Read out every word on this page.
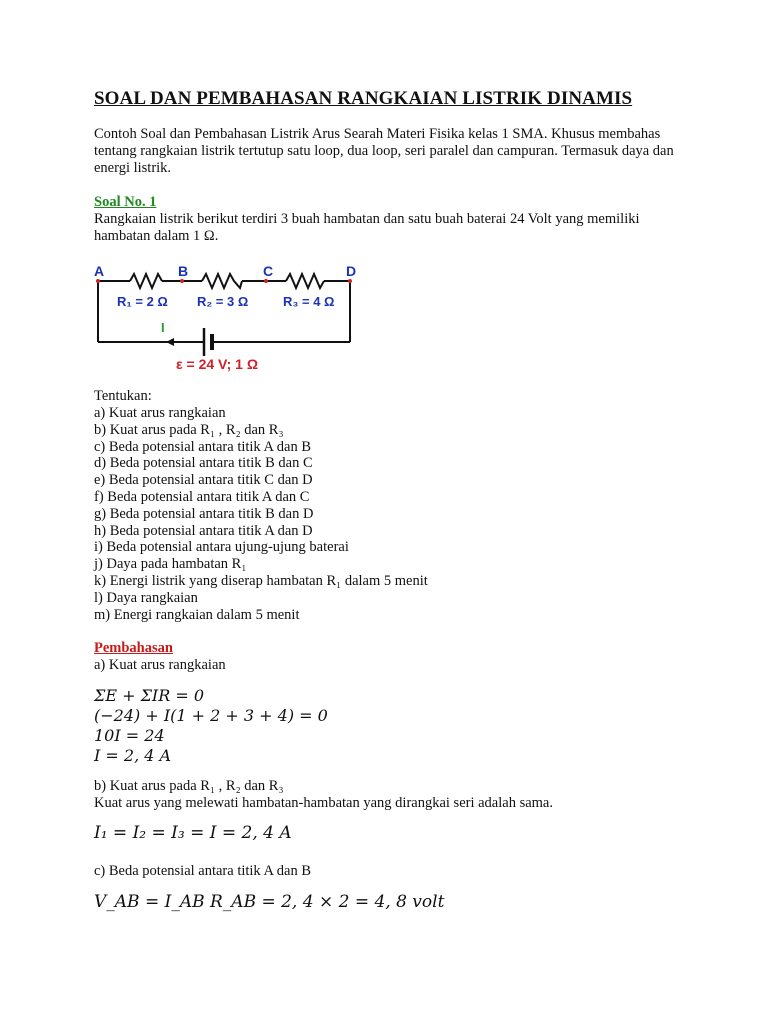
SOAL DAN PEMBAHASAN RANGKAIAN LISTRIK DINAMIS
Contoh Soal dan Pembahasan Listrik Arus Searah Materi Fisika kelas 1 SMA. Khusus membahas tentang rangkaian listrik tertutup satu loop, dua loop, seri paralel dan campuran. Termasuk daya dan energi listrik.
Soal No. 1
Rangkaian listrik berikut terdiri 3 buah hambatan dan satu buah baterai 24 Volt yang memiliki hambatan dalam 1 Ω.
Tentukan:
a) Kuat arus rangkaian
b) Kuat arus pada R₁ , R₂ dan R₃
c) Beda potensial antara titik A dan B
d) Beda potensial antara titik B dan C
e) Beda potensial antara titik C dan D
f) Beda potensial antara titik A dan C
g) Beda potensial antara titik B dan D
h) Beda potensial antara titik A dan D
i) Beda potensial antara ujung-ujung baterai
j) Daya pada hambatan R₁
k) Energi listrik yang diserap hambatan R₁ dalam 5 menit
l) Daya rangkaian
m) Energi rangkaian dalam 5 menit
Pembahasan
a) Kuat arus rangkaian
ΣE + ΣIR = 0
(−24) + I(1 + 2 + 3 + 4) = 0
10I = 24
I = 2, 4 A
b) Kuat arus pada R₁ , R₂ dan R₃
Kuat arus yang melewati hambatan-hambatan yang dirangkai seri adalah sama.
I₁ = I₂ = I₃ = I = 2, 4 A
c) Beda potensial antara titik A dan B
V_AB = I_AB R_AB = 2, 4 × 2 = 4, 8 volt
A	B	C	D
R₁ = 2 Ω R₂ = 3 Ω	R₃ = 4 Ω
I
ε = 24 V; 1 Ω
